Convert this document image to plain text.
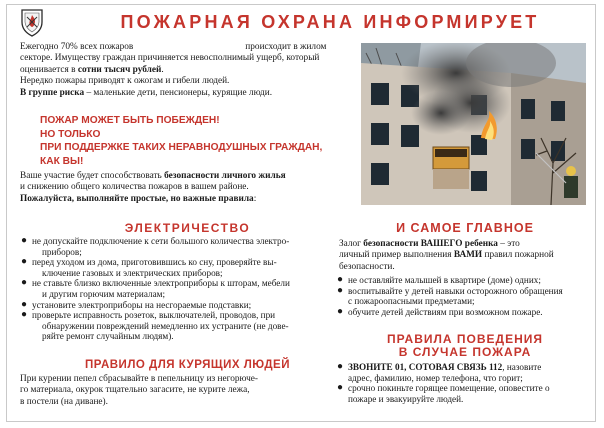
ПОЖАРНАЯ ОХРАНА ИНФОРМИРУЕТ
Ежегодно 70% всех пожаров	происходит в жилом
секторе. Имуществу граждан причиняется невосполнимый ущерб, который
оценивается в сотни тысяч рублей.
Нередко пожары приводят к ожогам и гибели людей.
В группе риска – маленькие дети, пенсионеры, курящие люди.
ПОЖАР МОЖЕТ БЫТЬ ПОБЕЖДЕН!
НО ТОЛЬКО
ПРИ ПОДДЕРЖКЕ ТАКИХ НЕРАВНОДУШНЫХ ГРАЖДАН,
КАК ВЫ!
Ваше участие будет способствовать безопасности личного жилья
и снижению общего количества пожаров в вашем районе.
Пожалуйста, выполняйте простые, но важные правила:
ЭЛЕКТРИЧЕСТВО
● не допускайте подключение к сети большого количества электро-
приборов;
● перед уходом из дома, приготовившись ко сну, проверяйте вы-
ключение газовых и электрических приборов;
● не ставьте близко включенные электроприборы к шторам, мебели
и другим горючим материалам;
● установите электроприборы на несгораемые подставки;
● проверьте исправность розеток, выключателей, проводов, при
обнаружении повреждений немедленно их устраните (не дове-
ряйте ремонт случайным людям).
ПРАВИЛО ДЛЯ КУРЯЩИХ ЛЮДЕЙ
При курении пепел сбрасывайте в пепельницу из негорюче-
го материала, окурок тщательно загасите, не курите лежа,
в постели (на диване).
И САМОЕ ГЛАВНОЕ
Залог безопасности ВАШЕГО ребенка – это
личный пример выполнения ВАМИ правил пожарной
безопасности.
● не оставляйте малышей в квартире (доме) одних;
● воспитывайте у детей навыки осторожного обращения
с пожароопасными предметами;
● обучите детей действиям при возможном пожаре.
ПРАВИЛА ПОВЕДЕНИЯ
В СЛУЧАЕ ПОЖАРА
● ЗВОНИТЕ 01, СОТОВАЯ СВЯЗЬ 112, назовите
адрес, фамилию, номер телефона, что горит;
● срочно покиньте горящее помещение, оповестите о
пожаре и эвакуируйте людей.
